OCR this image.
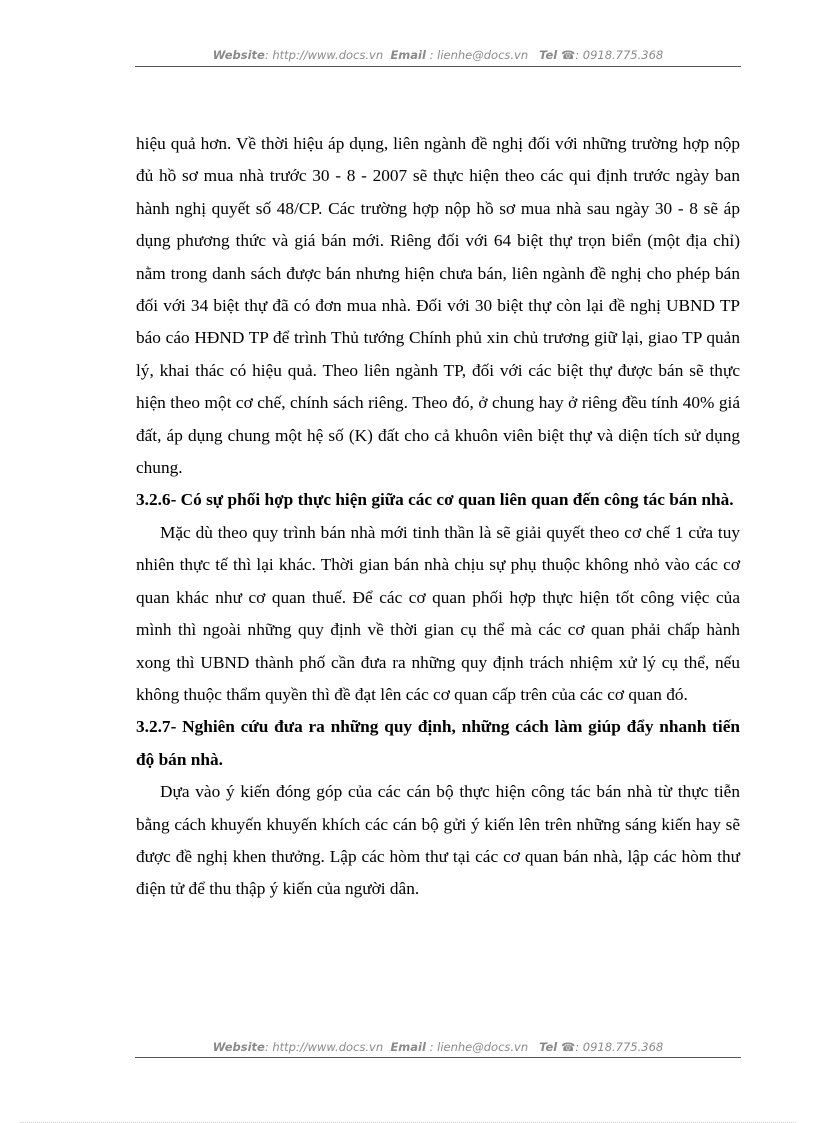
Website: http://www.docs.vn Email : lienhe@docs.vn Tel ☎: 0918.775.368

hiệu quả hơn. Về thời hiệu áp dụng, liên ngành đề nghị đối với những trường hợp nộp đủ hồ sơ mua nhà trước 30 - 8 - 2007 sẽ thực hiện theo các qui định trước ngày ban hành nghị quyết số 48/CP. Các trường hợp nộp hồ sơ mua nhà sau ngày 30 - 8 sẽ áp dụng phương thức và giá bán mới. Riêng đối với 64 biệt thự trọn biển (một địa chỉ) nằm trong danh sách được bán nhưng hiện chưa bán, liên ngành đề nghị cho phép bán đối với 34 biệt thự đã có đơn mua nhà. Đối với 30 biệt thự còn lại đề nghị UBND TP báo cáo HĐND TP để trình Thủ tướng Chính phủ xin chủ trương giữ lại, giao TP quản lý, khai thác có hiệu quả. Theo liên ngành TP, đối với các biệt thự được bán sẽ thực hiện theo một cơ chế, chính sách riêng. Theo đó, ở chung hay ở riêng đều tính 40% giá đất, áp dụng chung một hệ số (K) đất cho cả khuôn viên biệt thự và diện tích sử dụng chung.

3.2.6- Có sự phối hợp thực hiện giữa các cơ quan liên quan đến công tác bán nhà.

Mặc dù theo quy trình bán nhà mới tinh thần là sẽ giải quyết theo cơ chế 1 cửa tuy nhiên thực tế thì lại khác. Thời gian bán nhà chịu sự phụ thuộc không nhỏ vào các cơ quan khác như cơ quan thuế. Để các cơ quan phối hợp thực hiện tốt công việc của mình thì ngoài những quy định về thời gian cụ thể mà các cơ quan phải chấp hành xong thì UBND thành phố cần đưa ra những quy định trách nhiệm xử lý cụ thể, nếu không thuộc thẩm quyền thì đề đạt lên các cơ quan cấp trên của các cơ quan đó.

3.2.7- Nghiên cứu đưa ra những quy định, những cách làm giúp đẩy nhanh tiến độ bán nhà.

Dựa vào ý kiến đóng góp của các cán bộ thực hiện công tác bán nhà từ thực tiễn bằng cách khuyến khuyến khích các cán bộ gửi ý kiến lên trên những sáng kiến hay sẽ được đề nghị khen thưởng. Lập các hòm thư tại các cơ quan bán nhà, lập các hòm thư điện tử để thu thập ý kiến của người dân.

Website: http://www.docs.vn Email : lienhe@docs.vn Tel ☎: 0918.775.368
